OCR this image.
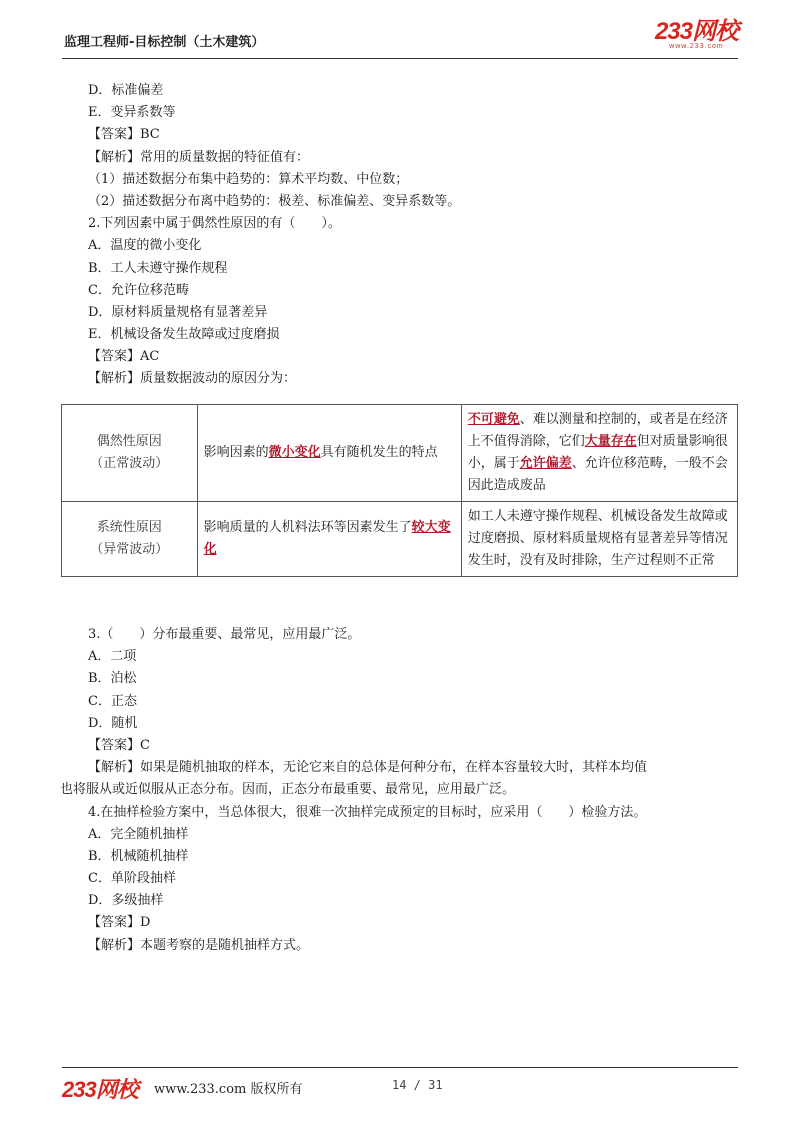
监理工程师-目标控制（土木建筑）	233网校
www.233.com
D．标准偏差
E．变异系数等
【答案】BC
【解析】常用的质量数据的特征值有：
（1）描述数据分布集中趋势的：算术平均数、中位数；
（2）描述数据分布离中趋势的：极差、标准偏差、变异系数等。
2.下列因素中属于偶然性原因的有（　　）。
A．温度的微小变化
B．工人未遵守操作规程
C．允许位移范畴
D．原材料质量规格有显著差异
E．机械设备发生故障或过度磨损
【答案】AC
【解析】质量数据波动的原因分为：
偶然性原因
（正常波动）	影响因素的微小变化具有随机发生的特点	不可避免、难以测量和控制的，或者是在经济上不值得消除，它们大量存在但对质量影响很小，属于允许偏差、允许位移范畴，一般不会因此造成废品

系统性原因
（异常波动）	影响质量的人机料法环等因素发生了较大变化	如工人未遵守操作规程、机械设备发生故障或过度磨损、原材料质量规格有显著差异等情况发生时，没有及时排除，生产过程则不正常
3.（　　）分布最重要、最常见，应用最广泛。
A．二项
B．泊松
C．正态
D．随机
【答案】C
【解析】如果是随机抽取的样本，无论它来自的总体是何种分布，在样本容量较大时，其样本均值
也将服从或近似服从正态分布。因而，正态分布最重要、最常见，应用最广泛。
4.在抽样检验方案中，当总体很大，很难一次抽样完成预定的目标时，应采用（　　）检验方法。
A．完全随机抽样
B．机械随机抽样
C．单阶段抽样
D．多级抽样
【答案】D
【解析】本题考察的是随机抽样方式。
233网校 www.233.com 版权所有	14 / 31
